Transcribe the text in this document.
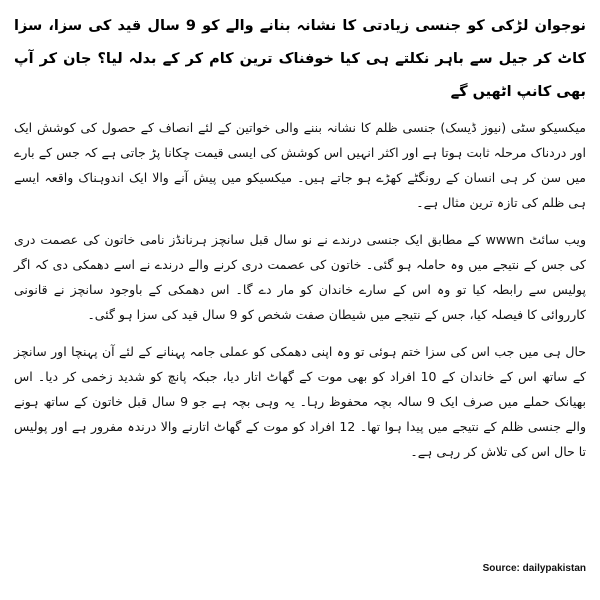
نوجوان لڑکی کو جنسی زیادتی کا نشانہ بنانے والے کو 9 سال قید کی سزا، سزا کاٹ کر جیل سے باہر نکلتے ہی کیا خوفناک ترین کام کر کے بدلہ لیا؟ جان کر آپ بھی کانپ اٹھیں گے

میکسیکو سٹی (نیوز ڈیسک) جنسی ظلم کا نشانہ بننے والی خواتین کے لئے انصاف کے حصول کی کوشش ایک اور دردناک مرحلہ ثابت ہوتا ہے اور اکثر انہیں اس کوشش کی ایسی قیمت چکانا پڑ جاتی ہے کہ جس کے بارے میں سن کر ہی انسان کے رونگٹے کھڑے ہو جاتے ہیں۔ میکسیکو میں پیش آنے والا ایک اندوہناک واقعہ ایسے ہی ظلم کی تازہ ترین مثال ہے۔

ویب سائٹ wwwn کے مطابق ایک جنسی درندے نے نو سال قبل سانچز ہرنانڈز نامی خاتون کی عصمت دری کی جس کے نتیجے میں وہ حاملہ ہو گئی۔ خاتون کی عصمت دری کرنے والے درندے نے اسے دھمکی دی کہ اگر پولیس سے رابطہ کیا تو وہ اس کے سارے خاندان کو مار دے گا۔ اس دھمکی کے باوجود سانچز نے قانونی کارروائی کا فیصلہ کیا، جس کے نتیجے میں شیطان صفت شخص کو 9 سال قید کی سزا ہو گئی۔

حال ہی میں جب اس کی سزا ختم ہوئی تو وہ اپنی دھمکی کو عملی جامہ پہنانے کے لئے آن پہنچا اور سانچز کے ساتھ اس کے خاندان کے 10 افراد کو بھی موت کے گھاٹ اتار دیا، جبکہ پانچ کو شدید زخمی کر دیا۔ اس بھیانک حملے میں صرف ایک 9 سالہ بچہ محفوظ رہا۔ یہ وہی بچہ ہے جو 9 سال قبل خاتون کے ساتھ ہونے والے جنسی ظلم کے نتیجے میں پیدا ہوا تھا۔ 12 افراد کو موت کے گھاٹ اتارنے والا درندہ مفرور ہے اور پولیس تا حال اس کی تلاش کر رہی ہے۔

Source: dailypakistan
